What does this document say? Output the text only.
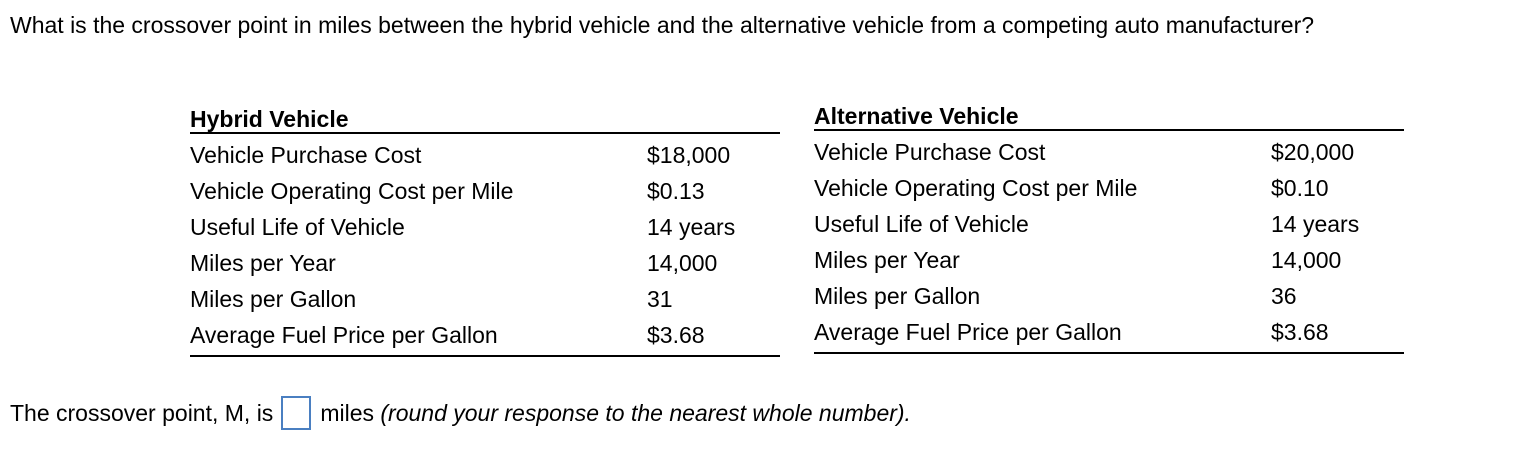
What is the crossover point in miles between the hybrid vehicle and the alternative vehicle from a competing auto manufacturer?
Hybrid Vehicle
Vehicle Purchase Cost	$18,000
Vehicle Operating Cost per Mile	$0.13
Useful Life of Vehicle	14 years
Miles per Year	14,000
Miles per Gallon	31
Average Fuel Price per Gallon	$3.68
Alternative Vehicle
Vehicle Purchase Cost	$20,000
Vehicle Operating Cost per Mile	$0.10
Useful Life of Vehicle	14 years
Miles per Year	14,000
Miles per Gallon	36
Average Fuel Price per Gallon	$3.68
The crossover point, M, is miles
(round your response to the nearest whole number).
